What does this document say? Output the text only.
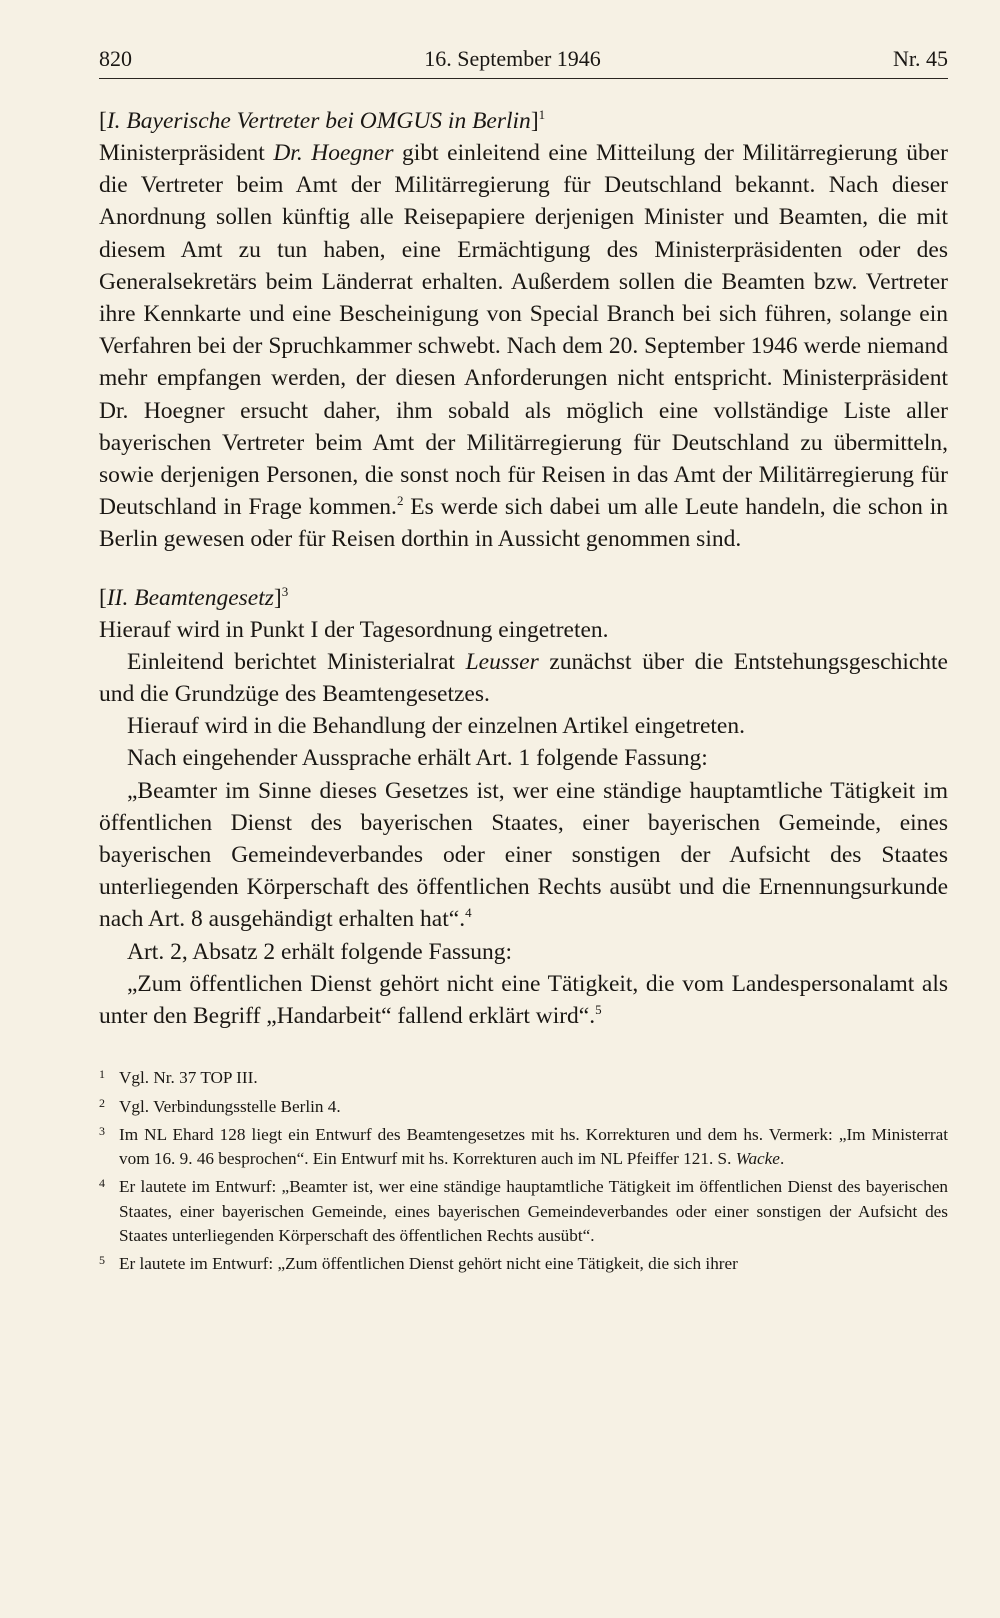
820	16. September 1946	Nr. 45
[I. Bayerische Vertreter bei OMGUS in Berlin]$^1$
Ministerpräsident Dr. Hoegner gibt einleitend eine Mitteilung der Militärregierung über die Vertreter beim Amt der Militärregierung für Deutschland bekannt. Nach dieser Anordnung sollen künftig alle Reisepapiere derjenigen Minister und Beamten, die mit diesem Amt zu tun haben, eine Ermächtigung des Ministerpräsidenten oder des Generalsekretärs beim Länderrat erhalten. Außerdem sollen die Beamten bzw. Vertreter ihre Kennkarte und eine Bescheinigung von Special Branch bei sich führen, solange ein Verfahren bei der Spruchkammer schwebt. Nach dem 20. September 1946 werde niemand mehr empfangen werden, der diesen Anforderungen nicht entspricht. Ministerpräsident Dr. Hoegner ersucht daher, ihm sobald als möglich eine vollständige Liste aller bayerischen Vertreter beim Amt der Militärregierung für Deutschland zu übermitteln, sowie derjenigen Personen, die sonst noch für Reisen in das Amt der Militärregierung für Deutschland in Frage kommen.$^2$ Es werde sich dabei um alle Leute handeln, die schon in Berlin gewesen oder für Reisen dorthin in Aussicht genommen sind.
[II. Beamtengesetz]$^3$
Hierauf wird in Punkt I der Tagesordnung eingetreten.
Einleitend berichtet Ministerialrat Leusser zunächst über die Entstehungsgeschichte und die Grundzüge des Beamtengesetzes.
Hierauf wird in die Behandlung der einzelnen Artikel eingetreten.
Nach eingehender Aussprache erhält Art. 1 folgende Fassung:
„Beamter im Sinne dieses Gesetzes ist, wer eine ständige hauptamtliche Tätigkeit im öffentlichen Dienst des bayerischen Staates, einer bayerischen Gemeinde, eines bayerischen Gemeindeverbandes oder einer sonstigen der Aufsicht des Staates unterliegenden Körperschaft des öffentlichen Rechts ausübt und die Ernennungsurkunde nach Art. 8 ausgehändigt erhalten hat“.$^4$
Art. 2, Absatz 2 erhält folgende Fassung:
„Zum öffentlichen Dienst gehört nicht eine Tätigkeit, die vom Landespersonalamt als unter den Begriff „Handarbeit“ fallend erklärt wird“.$^5$
1 Vgl. Nr. 37 TOP III.
2 Vgl. Verbindungsstelle Berlin 4.
3 Im NL Ehard 128 liegt ein Entwurf des Beamtengesetzes mit hs. Korrekturen und dem hs. Vermerk: „Im Ministerrat vom 16. 9. 46 besprochen“. Ein Entwurf mit hs. Korrekturen auch im NL Pfeiffer 121. S. Wacke.
4 Er lautete im Entwurf: „Beamter ist, wer eine ständige hauptamtliche Tätigkeit im öffentlichen Dienst des bayerischen Staates, einer bayerischen Gemeinde, eines bayerischen Gemeindeverbandes oder einer sonstigen der Aufsicht des Staates unterliegenden Körperschaft des öffentlichen Rechts ausübt“.
5 Er lautete im Entwurf: „Zum öffentlichen Dienst gehört nicht eine Tätigkeit, die sich ihrer
